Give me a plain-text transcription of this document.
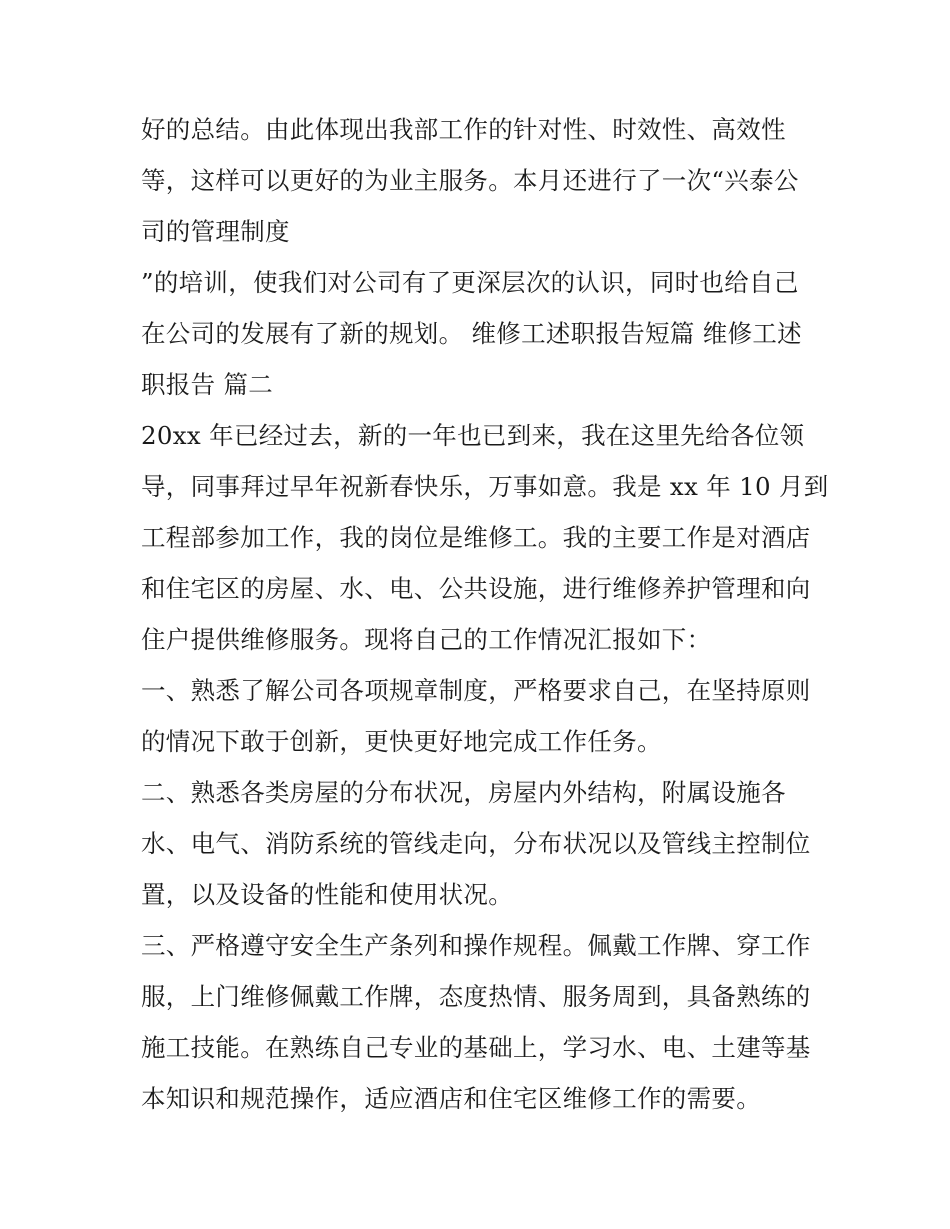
好的总结。由此体现出我部工作的针对性、时效性、高效性
等，这样可以更好的为业主服务。本月还进行了一次“兴泰公
司的管理制度
”的培训，使我们对公司有了更深层次的认识，同时也给自己
在公司的发展有了新的规划。 维修工述职报告短篇 维修工述
职报告 篇二
20xx 年已经过去，新的一年也已到来，我在这里先给各位领
导，同事拜过早年祝新春快乐，万事如意。我是 xx 年 10 月到
工程部参加工作，我的岗位是维修工。我的主要工作是对酒店
和住宅区的房屋、水、电、公共设施，进行维修养护管理和向
住户提供维修服务。现将自己的工作情况汇报如下：
一、熟悉了解公司各项规章制度，严格要求自己，在坚持原则
的情况下敢于创新，更快更好地完成工作任务。
二、熟悉各类房屋的分布状况，房屋内外结构，附属设施各
水、电气、消防系统的管线走向，分布状况以及管线主控制位
置，以及设备的性能和使用状况。
三、严格遵守安全生产条列和操作规程。佩戴工作牌、穿工作
服，上门维修佩戴工作牌，态度热情、服务周到，具备熟练的
施工技能。在熟练自己专业的基础上，学习水、电、土建等基
本知识和规范操作，适应酒店和住宅区维修工作的需要。
